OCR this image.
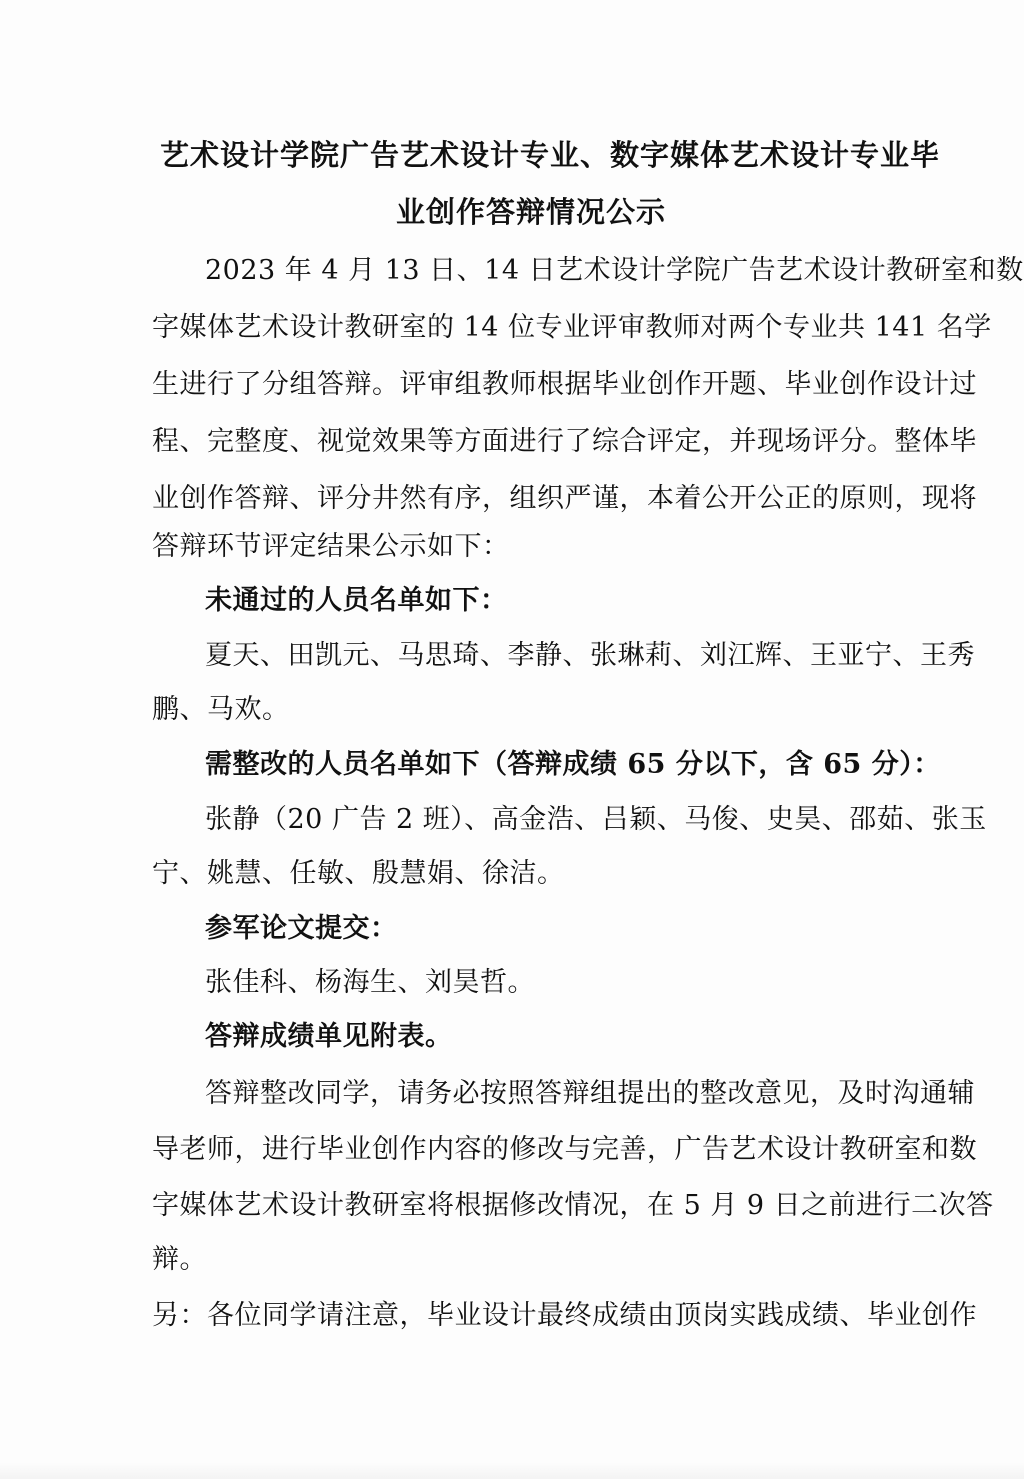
艺术设计学院广告艺术设计专业、数字媒体艺术设计专业毕
业创作答辩情况公示
2023 年 4 月 13 日、14 日艺术设计学院广告艺术设计教研室和数
字媒体艺术设计教研室的 14 位专业评审教师对两个专业共 141 名学
生进行了分组答辩。评审组教师根据毕业创作开题、毕业创作设计过
程、完整度、视觉效果等方面进行了综合评定，并现场评分。整体毕
业创作答辩、评分井然有序，组织严谨，本着公开公正的原则，现将
答辩环节评定结果公示如下：
未通过的人员名单如下：
夏天、田凯元、马思琦、李静、张琳莉、刘江辉、王亚宁、王秀
鹏、马欢。
需整改的人员名单如下（答辩成绩 65 分以下，含 65 分）：
张静（20 广告 2 班）、高金浩、吕颖、马俊、史昊、邵茹、张玉
宁、姚慧、任敏、殷慧娟、徐洁。
参军论文提交：
张佳科、杨海生、刘昊哲。
答辩成绩单见附表。
答辩整改同学，请务必按照答辩组提出的整改意见，及时沟通辅
导老师，进行毕业创作内容的修改与完善，广告艺术设计教研室和数
字媒体艺术设计教研室将根据修改情况，在 5 月 9 日之前进行二次答
辩。
另：各位同学请注意，毕业设计最终成绩由顶岗实践成绩、毕业创作
